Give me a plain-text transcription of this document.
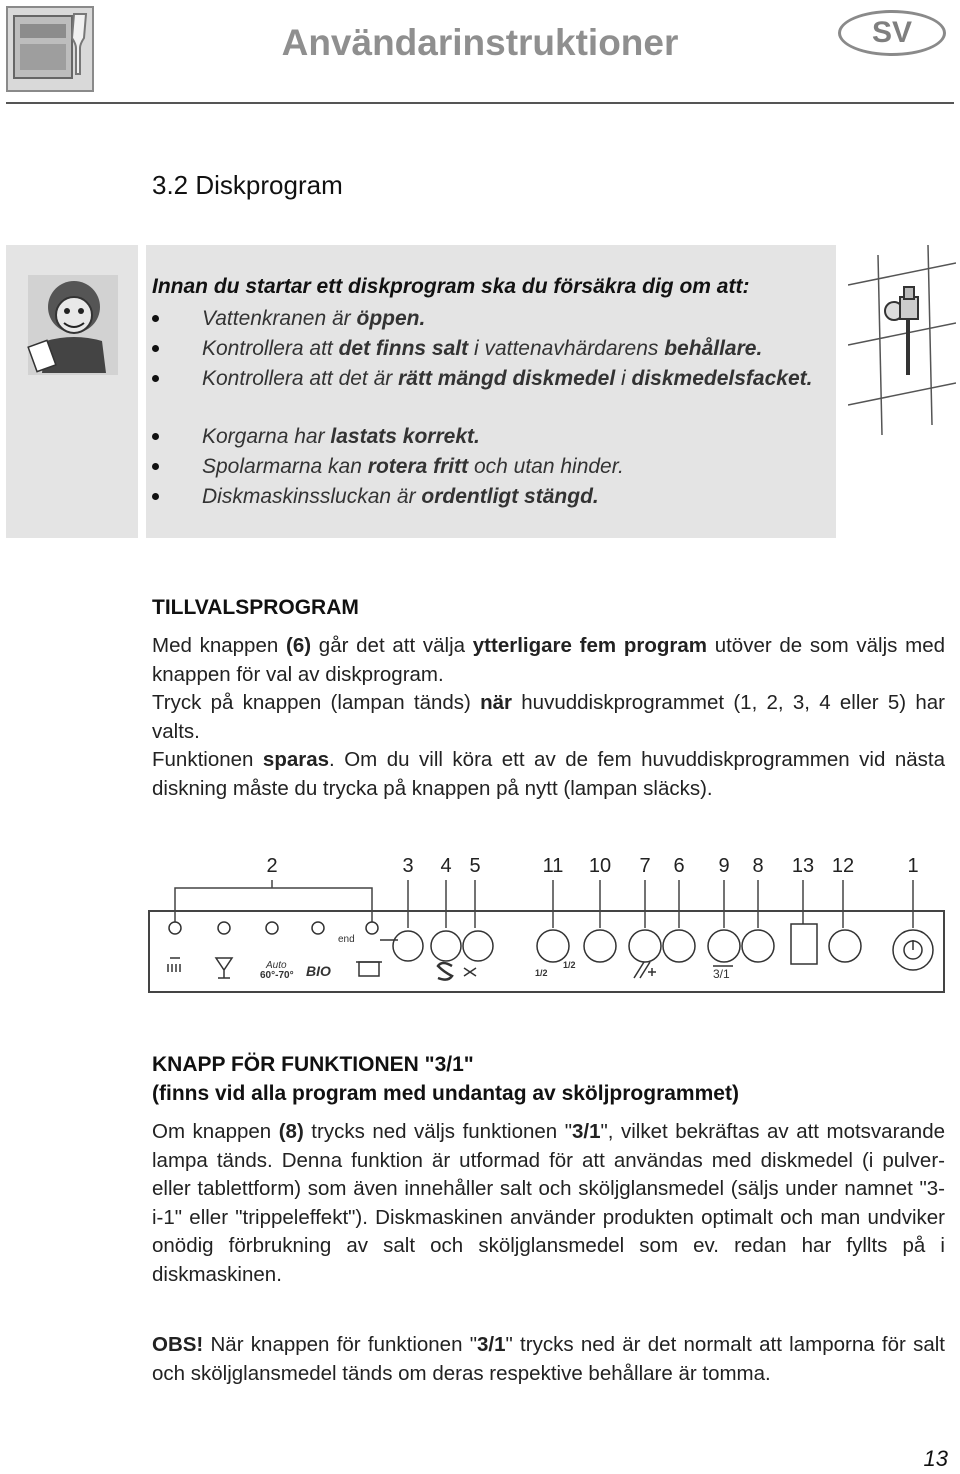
Användarinstruktioner	SV
3.2 Diskprogram
Innan du startar ett diskprogram ska du försäkra dig om att:
Vattenkranen är öppen.
Kontrollera att det finns salt i vattenavhärdarens behållare.
Kontrollera att det är rätt mängd diskmedel i diskmedelsfacket.
Korgarna har lastats korrekt.
Spolarmarna kan rotera fritt och utan hinder.
Diskmaskinssluckan är ordentligt stängd.
TILLVALSPROGRAM
Med knappen (6) går det att välja ytterligare fem program utöver de som väljs med knappen för val av diskprogram.
Tryck på knappen (lampan tänds) när huvuddiskprogrammet (1, 2, 3, 4 eller 5) har valts.
Funktionen sparas. Om du vill köra ett av de fem huvuddiskprogrammen vid nästa diskning måste du trycka på knappen på nytt (lampan släcks).
2	3 4 5	11 10 7 6 9 8 13 12	1
end
Auto
60°-70° BIO	1/2
1/2
3/1
KNAPP FÖR FUNKTIONEN "3/1"
(finns vid alla program med undantag av sköljprogrammet)
Om knappen (8) trycks ned väljs funktionen "3/1", vilket bekräftas av att motsvarande lampa tänds. Denna funktion är utformad för att användas med diskmedel (i pulver- eller tablettform) som även innehåller salt och sköljglansmedel (säljs under namnet "3-i-1" eller "trippeleffekt"). Diskmaskinen använder produkten optimalt och man undviker onödig förbrukning av salt och sköljglansmedel som ev. redan har fyllts på i diskmaskinen.
OBS! När knappen för funktionen "3/1" trycks ned är det normalt att lamporna för salt och sköljglansmedel tänds om deras respektive behållare är tomma.
13
